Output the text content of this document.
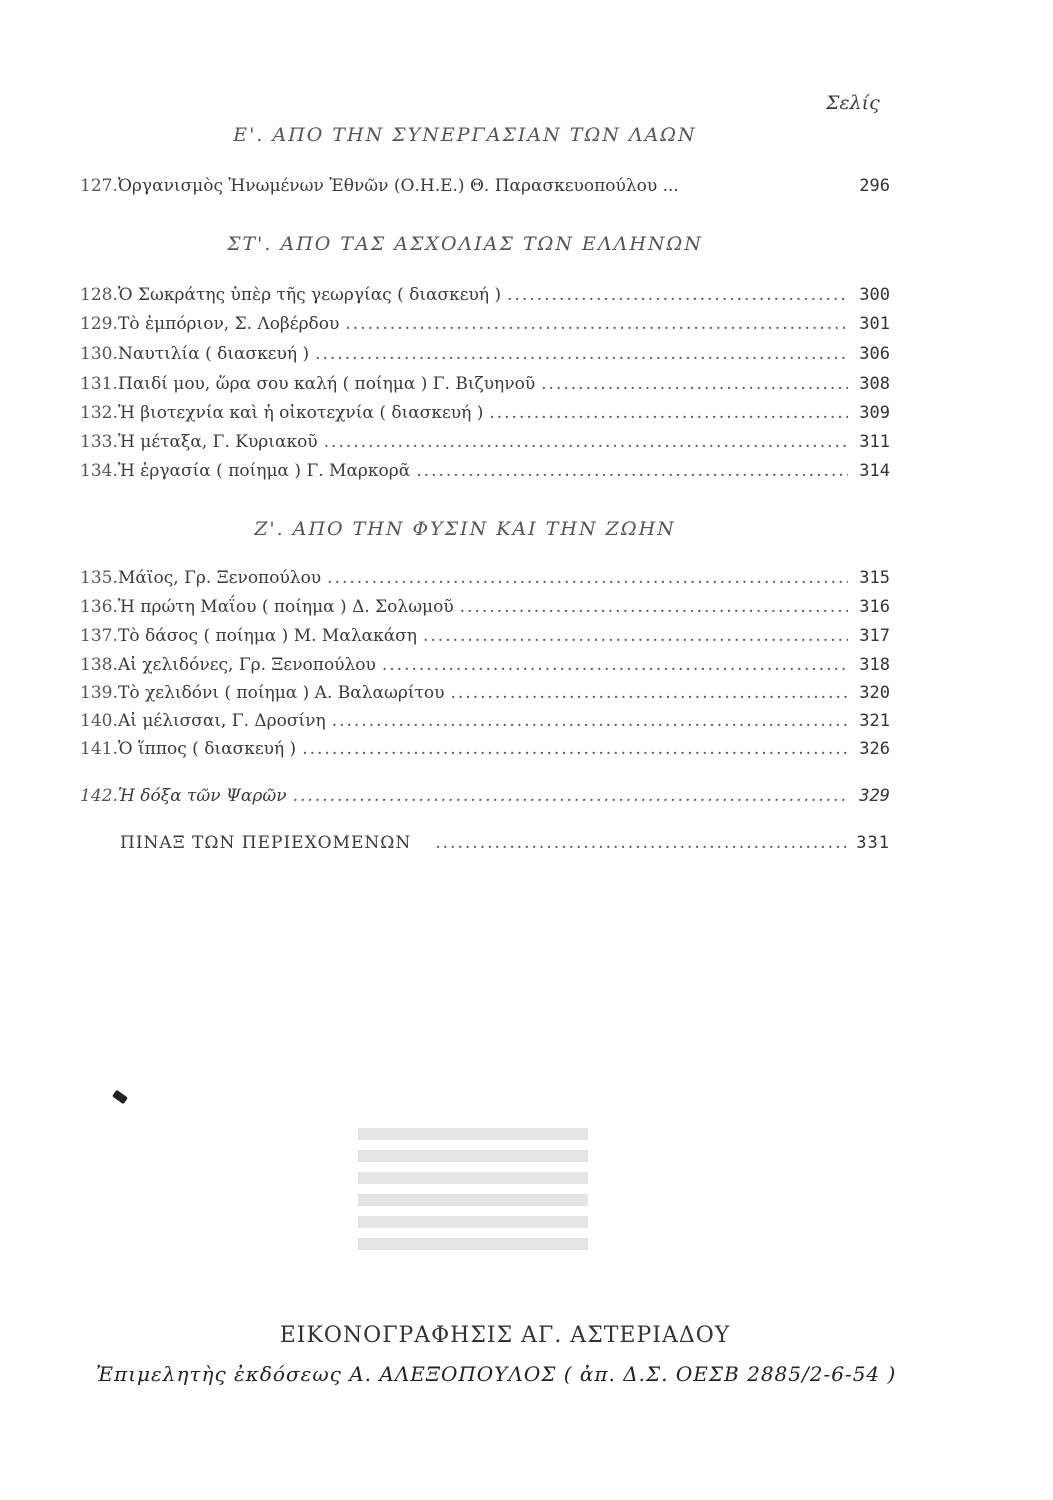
Σελίς
Ε'. ΑΠΟ ΤΗΝ ΣΥΝΕΡΓΑΣΙΑΝ ΤΩΝ ΛΑΩΝ
127. Ὀργανισμὸς Ἡνωμένων Ἐθνῶν (Ο.Η.Ε.) Θ. Παρασκευοπούλου ...	296
ΣΤ'. ΑΠΟ ΤΑΣ ΑΣΧΟΛΙΑΣ ΤΩΝ ΕΛΛΗΝΩΝ
128. Ὁ Σωκράτης ὑπὲρ τῆς γεωργίας ( διασκευή ) .....	300
129. Τὸ ἐμπόριον, Σ. Λοβέρδου .....	301
130. Ναυτιλία ( διασκευή ) .....	306
131. Παιδί μου, ὥρα σου καλή ( ποίημα ) Γ. Βιζυηνοῦ .....	308
132. Ἡ βιοτεχνία καὶ ἡ οἰκοτεχνία ( διασκευή ) .....	309
133. Ἡ μέταξα, Γ. Κυριακοῦ .....	311
134. Ἡ ἐργασία ( ποίημα ) Γ. Μαρκορᾶ .....	314
Ζ'. ΑΠΟ ΤΗΝ ΦΥΣΙΝ ΚΑΙ ΤΗΝ ΖΩΗΝ
135. Μάϊος, Γρ. Ξενοπούλου .....	315
136. Ἡ πρώτη Μαΐου ( ποίημα ) Δ. Σολωμοῦ .....	316
137. Τὸ δάσος ( ποίημα ) Μ. Μαλακάση .....	317
138. Αἱ χελιδόνες, Γρ. Ξενοπούλου .....	318
139. Τὸ χελιδόνι ( ποίημα ) Α. Βαλαωρίτου .....	320
140. Αἱ μέλισσαι, Γ. Δροσίνη .....	321
141. Ὁ ἵππος ( διασκευή ) .....	326
142. Ἡ δόξα τῶν Ψαρῶν .....	329
ΠΙΝΑΞ ΤΩΝ ΠΕΡΙΕΧΟΜΕΝΩΝ .....	331
ΕΙΚΟΝΟΓΡΑΦΗΣΙΣ ΑΓ. ΑΣΤΕΡΙΑΔΟΥ
Ἐπιμελητὴς ἐκδόσεως Α. ΑΛΕΞΟΠΟΥΛΟΣ ( ἀπ. Δ.Σ. ΟΕΣΒ 2885/2-6-54 )
